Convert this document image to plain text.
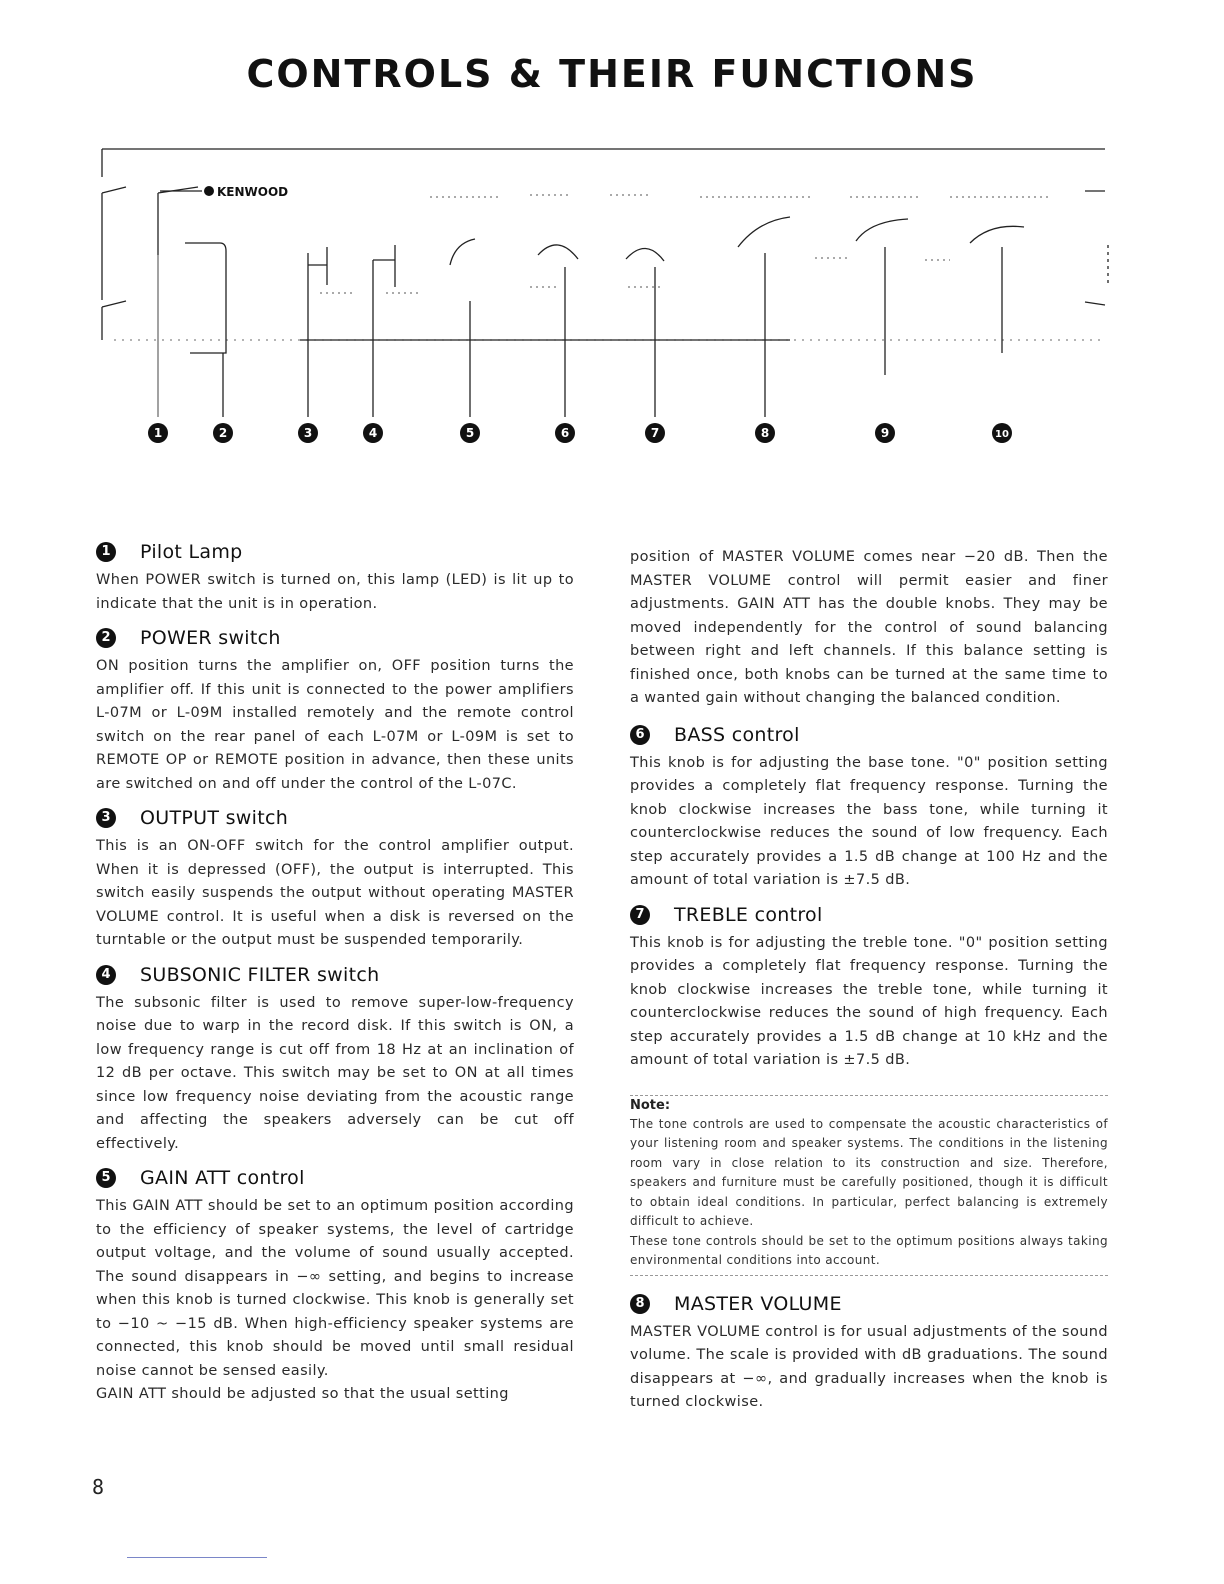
CONTROLS & THEIR FUNCTIONS
KENWOOD
1	2	3	4	5	6	7	8	9	10
1 Pilot Lamp

When POWER switch is turned on, this lamp (LED) is lit up to indicate that the unit is in operation.

2 POWER switch

ON position turns the amplifier on, OFF position turns the amplifier off. If this unit is connected to the power amplifiers L-07M or L-09M installed remotely and the remote control switch on the rear panel of each L-07M or L-09M is set to REMOTE OP or REMOTE position in advance, then these units are switched on and off under the control of the L-07C.

3 OUTPUT switch

This is an ON-OFF switch for the control amplifier output. When it is depressed (OFF), the output is interrupted. This switch easily suspends the output without operating MASTER VOLUME control. It is useful when a disk is reversed on the turntable or the output must be suspended temporarily.

4 SUBSONIC FILTER switch

The subsonic filter is used to remove super-low-frequency noise due to warp in the record disk. If this switch is ON, a low frequency range is cut off from 18 Hz at an inclination of 12 dB per octave. This switch may be set to ON at all times since low frequency noise deviating from the acoustic range and affecting the speakers adversely can be cut off effectively.

5 GAIN ATT control

This GAIN ATT should be set to an optimum position according to the efficiency of speaker systems, the level of cartridge output voltage, and the volume of sound usually accepted. The sound disappears in −∞ setting, and begins to increase when this knob is turned clockwise. This knob is generally set to −10 ~ −15 dB. When high-efficiency speaker systems are connected, this knob should be moved until small residual noise cannot be sensed easily.

GAIN ATT should be adjusted so that the usual setting

position of MASTER VOLUME comes near −20 dB. Then the MASTER VOLUME control will permit easier and finer adjustments. GAIN ATT has the double knobs. They may be moved independently for the control of sound balancing between right and left channels. If this balance setting is finished once, both knobs can be turned at the same time to a wanted gain without changing the balanced condition.

6 BASS control

This knob is for adjusting the base tone. "0" position setting provides a completely flat frequency response. Turning the knob clockwise increases the bass tone, while turning it counterclockwise reduces the sound of low frequency. Each step accurately provides a 1.5 dB change at 100 Hz and the amount of total variation is ±7.5 dB.

7 TREBLE control

This knob is for adjusting the treble tone. "0" position setting provides a completely flat frequency response. Turning the knob clockwise increases the treble tone, while turning it counterclockwise reduces the sound of high frequency. Each step accurately provides a 1.5 dB change at 10 kHz and the amount of total variation is ±7.5 dB.

Note:

The tone controls are used to compensate the acoustic characteristics of your listening room and speaker systems. The conditions in the listening room vary in close relation to its construction and size. Therefore, speakers and furniture must be carefully positioned, though it is difficult to obtain ideal conditions. In particular, perfect balancing is extremely difficult to achieve.

These tone controls should be set to the optimum positions always taking environmental conditions into account.

8 MASTER VOLUME

MASTER VOLUME control is for usual adjustments of the sound volume. The scale is provided with dB graduations. The sound disappears at −∞, and gradually increases when the knob is turned clockwise.

8
